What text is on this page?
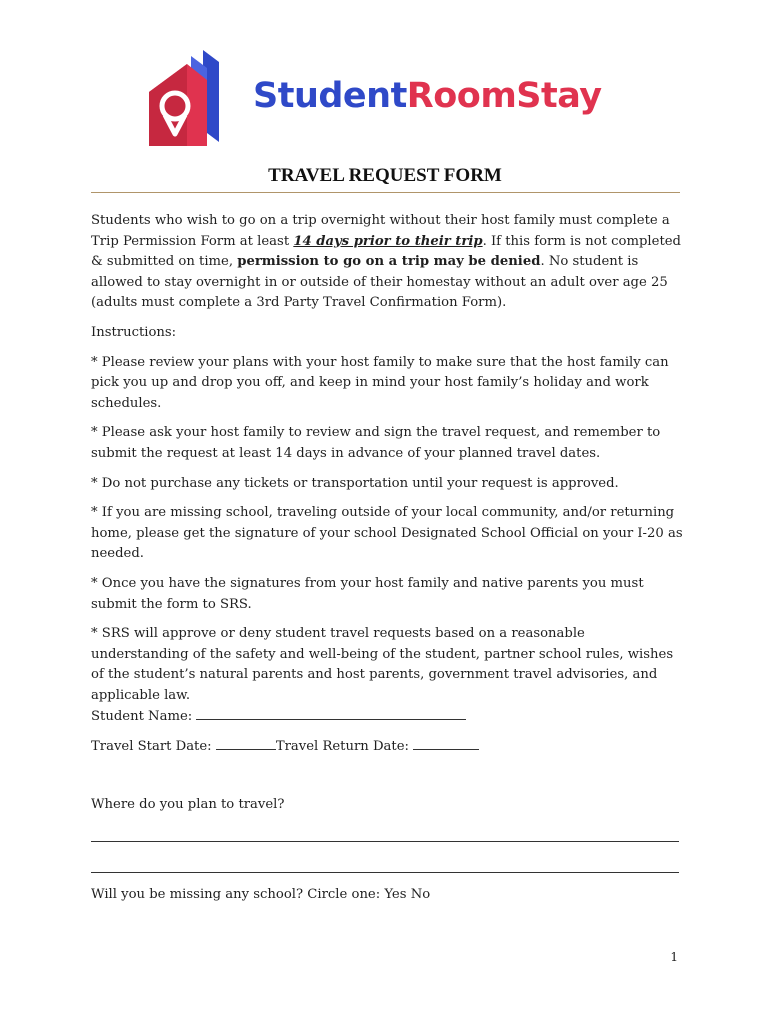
StudentRoomStay
TRAVEL REQUEST FORM

Students who wish to go on a trip overnight without their host family must complete a Trip Permission Form at least 14 days prior to their trip. If this form is not completed & submitted on time, permission to go on a trip may be denied. No student is allowed to stay overnight in or outside of their homestay without an adult over age 25 (adults must complete a 3rd Party Travel Confirmation Form).

Instructions:

* Please review your plans with your host family to make sure that the host family can pick you up and drop you off, and keep in mind your host family’s holiday and work schedules.

* Please ask your host family to review and sign the travel request, and remember to submit the request at least 14 days in advance of your planned travel dates.

* Do not purchase any tickets or transportation until your request is approved.

* If you are missing school, traveling outside of your local community, and/or returning home, please get the signature of your school Designated School Official on your I-20 as needed.

* Once you have the signatures from your host family and native parents you must submit the form to SRS.

* SRS will approve or deny student travel requests based on a reasonable understanding of the safety and well-being of the student, partner school rules, wishes of the student’s natural parents and host parents, government travel advisories, and applicable law.

Student Name:
Travel Start Date:	Travel Return Date:
Where do you plan to travel?
Will you be missing any school? Circle one: Yes No
1
